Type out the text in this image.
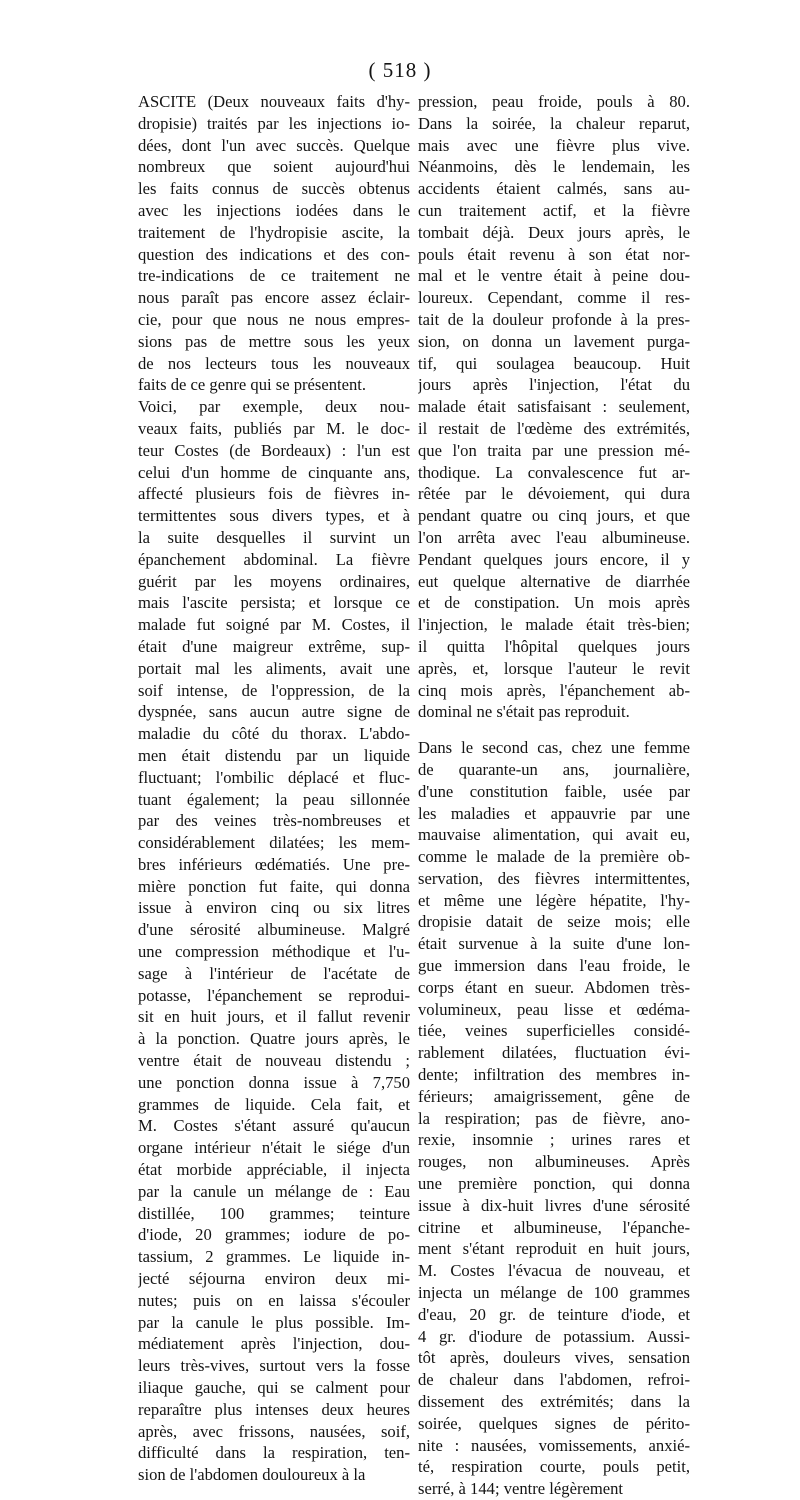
( 518 )
ASCITE (Deux nouveaux faits d'hy-
dropisie) traités par les injections io-
dées, dont l'un avec succès. Quelque
nombreux que soient aujourd'hui
les faits connus de succès obtenus
avec les injections iodées dans le
traitement de l'hydropisie ascite, la
question des indications et des con-
tre-indications de ce traitement ne
nous paraît pas encore assez éclair-
cie, pour que nous ne nous empres-
sions pas de mettre sous les yeux
de nos lecteurs tous les nouveaux
faits de ce genre qui se présentent.
Voici, par exemple, deux nou-
veaux faits, publiés par M. le doc-
teur Costes (de Bordeaux) : l'un est
celui d'un homme de cinquante ans,
affecté plusieurs fois de fièvres in-
termittentes sous divers types, et à
la suite desquelles il survint un
épanchement abdominal. La fièvre
guérit par les moyens ordinaires,
mais l'ascite persista; et lorsque ce
malade fut soigné par M. Costes, il
était d'une maigreur extrême, sup-
portait mal les aliments, avait une
soif intense, de l'oppression, de la
dyspnée, sans aucun autre signe de
maladie du côté du thorax. L'abdo-
men était distendu par un liquide
fluctuant; l'ombilic déplacé et fluc-
tuant également; la peau sillonnée
par des veines très-nombreuses et
considérablement dilatées; les mem-
bres inférieurs œdématiés. Une pre-
mière ponction fut faite, qui donna
issue à environ cinq ou six litres
d'une sérosité albumineuse. Malgré
une compression méthodique et l'u-
sage à l'intérieur de l'acétate de
potasse, l'épanchement se reprodui-
sit en huit jours, et il fallut revenir
à la ponction. Quatre jours après, le
ventre était de nouveau distendu ;
une ponction donna issue à 7,750
grammes de liquide. Cela fait, et
M. Costes s'étant assuré qu'aucun
organe intérieur n'était le siége d'un
état morbide appréciable, il injecta
par la canule un mélange de : Eau
distillée, 100 grammes; teinture
d'iode, 20 grammes; iodure de po-
tassium, 2 grammes. Le liquide in-
jecté séjourna environ deux mi-
nutes; puis on en laissa s'écouler
par la canule le plus possible. Im-
médiatement après l'injection, dou-
leurs très-vives, surtout vers la fosse
iliaque gauche, qui se calment pour
reparaître plus intenses deux heures
après, avec frissons, nausées, soif,
difficulté dans la respiration, ten-
sion de l'abdomen douloureux à la
pression, peau froide, pouls à 80.
Dans la soirée, la chaleur reparut,
mais avec une fièvre plus vive.
Néanmoins, dès le lendemain, les
accidents étaient calmés, sans au-
cun traitement actif, et la fièvre
tombait déjà. Deux jours après, le
pouls était revenu à son état nor-
mal et le ventre était à peine dou-
loureux. Cependant, comme il res-
tait de la douleur profonde à la pres-
sion, on donna un lavement purga-
tif, qui soulagea beaucoup. Huit
jours après l'injection, l'état du
malade était satisfaisant : seulement,
il restait de l'œdème des extrémités,
que l'on traita par une pression mé-
thodique. La convalescence fut ar-
rêtée par le dévoiement, qui dura
pendant quatre ou cinq jours, et que
l'on arrêta avec l'eau albumineuse.
Pendant quelques jours encore, il y
eut quelque alternative de diarrhée
et de constipation. Un mois après
l'injection, le malade était très-bien;
il quitta l'hôpital quelques jours
après, et, lorsque l'auteur le revit
cinq mois après, l'épanchement ab-
dominal ne s'était pas reproduit.
Dans le second cas, chez une femme
de quarante-un ans, journalière,
d'une constitution faible, usée par
les maladies et appauvrie par une
mauvaise alimentation, qui avait eu,
comme le malade de la première ob-
servation, des fièvres intermittentes,
et même une légère hépatite, l'hy-
dropisie datait de seize mois; elle
était survenue à la suite d'une lon-
gue immersion dans l'eau froide, le
corps étant en sueur. Abdomen très-
volumineux, peau lisse et œdéma-
tiée, veines superficielles considé-
rablement dilatées, fluctuation évi-
dente; infiltration des membres in-
férieurs; amaigrissement, gêne de
la respiration; pas de fièvre, ano-
rexie, insomnie ; urines rares et
rouges, non albumineuses. Après
une première ponction, qui donna
issue à dix-huit livres d'une sérosité
citrine et albumineuse, l'épanche-
ment s'étant reproduit en huit jours,
M. Costes l'évacua de nouveau, et
injecta un mélange de 100 grammes
d'eau, 20 gr. de teinture d'iode, et
4 gr. d'iodure de potassium. Aussi-
tôt après, douleurs vives, sensation
de chaleur dans l'abdomen, refroi-
dissement des extrémités; dans la
soirée, quelques signes de périto-
nite : nausées, vomissements, anxié-
té, respiration courte, pouls petit,
serré, à 144; ventre légèrement
